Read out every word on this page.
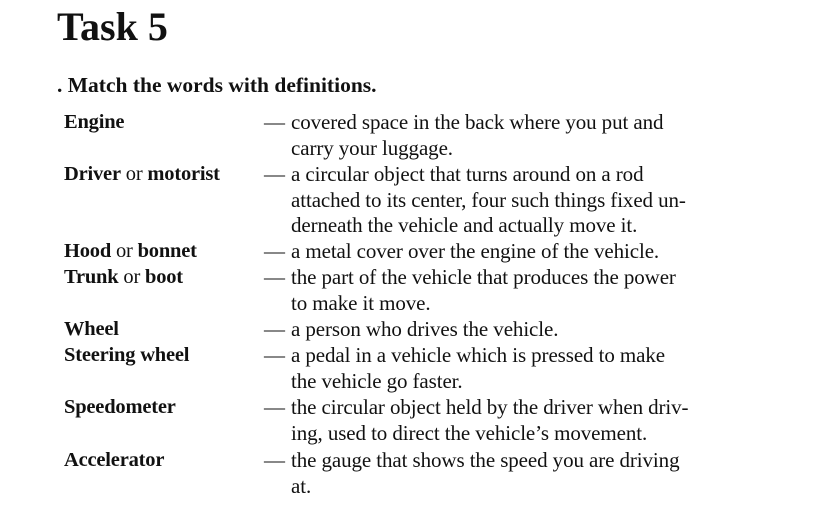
Task 5
. Match the words with definitions.
Engine
Driver or motorist
Hood or bonnet
Trunk or boot
Wheel
Steering wheel
Speedometer
Accelerator
—
—
—
—
—
—
—
—
covered space in the back where you put and
carry your luggage.
a circular object that turns around on a rod
attached to its center, four such things fixed un-
derneath the vehicle and actually move it.
a metal cover over the engine of the vehicle.
the part of the vehicle that produces the power
to make it move.
a person who drives the vehicle.
a pedal in a vehicle which is pressed to make
the vehicle go faster.
the circular object held by the driver when driv-
ing, used to direct the vehicle’s movement.
the gauge that shows the speed you are driving
at.
